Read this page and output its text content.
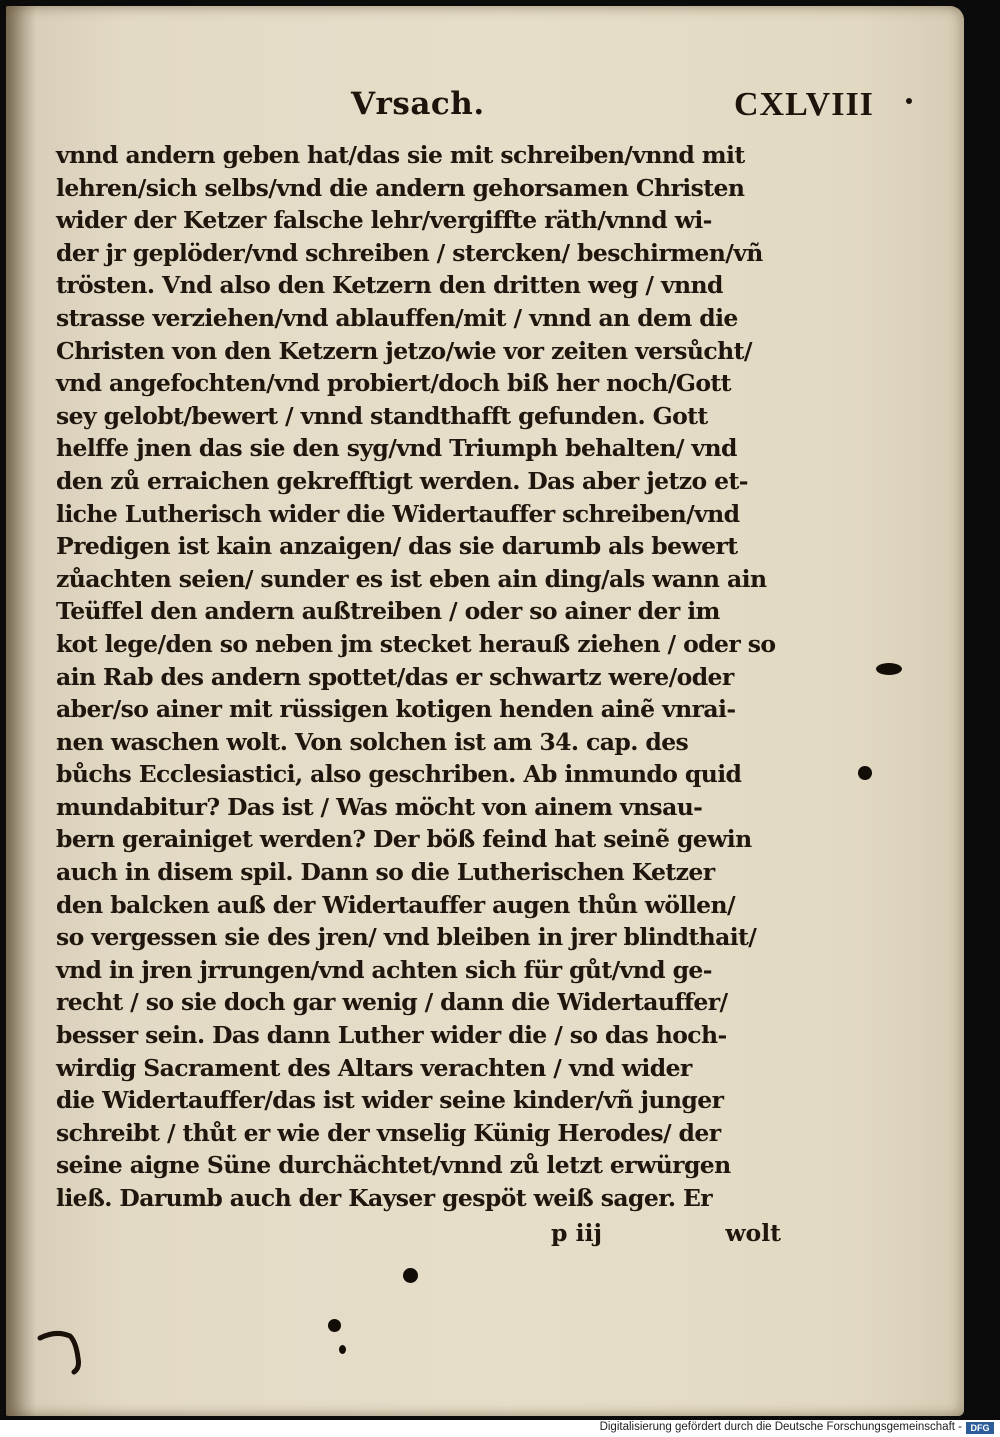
Vrsach.	CXLVIII
vnnd andern geben hat/das sie mit schreiben/vnnd mit
lehren/sich selbs/vnd die andern gehorsamen Christen
wider der Ketzer falsche lehr/vergiffte räth/vnnd wi-
der jr geplöder/vnd schreiben / stercken/ beschirmen/vñ
trösten. Vnd also den Ketzern den dritten weg / vnnd
strasse verziehen/vnd ablauffen/mit / vnnd an dem die
Christen von den Ketzern jetzo/wie vor zeiten versůcht/
vnd angefochten/vnd probiert/doch biß her noch/Gott
sey gelobt/bewert / vnnd standthafft gefunden. Gott
helffe jnen das sie den syg/vnd Triumph behalten/ vnd
den zů erraichen gekrefftigt werden. Das aber jetzo et-
liche Lutherisch wider die Widertauffer schreiben/vnd
Predigen ist kain anzaigen/ das sie darumb als bewert
zůachten seien/ sunder es ist eben ain ding/als wann ain
Teüffel den andern außtreiben / oder so ainer der im
kot lege/den so neben jm stecket herauß ziehen / oder so
ain Rab des andern spottet/das er schwartz were/oder
aber/so ainer mit rüssigen kotigen henden ainẽ vnrai-
nen waschen wolt. Von solchen ist am 34. cap. des
bůchs Ecclesiastici, also geschriben. Ab inmundo quid
mundabitur? Das ist / Was möcht von ainem vnsau-
bern gerainiget werden? Der böß feind hat seinẽ gewin
auch in disem spil. Dann so die Lutherischen Ketzer
den balcken auß der Widertauffer augen thůn wöllen/
so vergessen sie des jren/ vnd bleiben in jrer blindthait/
vnd in jren jrrungen/vnd achten sich für gůt/vnd ge-
recht / so sie doch gar wenig / dann die Widertauffer/
besser sein. Das dann Luther wider die / so das hoch-
wirdig Sacrament des Altars verachten / vnd wider
die Widertauffer/das ist wider seine kinder/vñ junger
schreibt / thůt er wie der vnselig Künig Herodes/ der
seine aigne Süne durchächtet/vnnd zů letzt erwürgen
ließ. Darumb auch der Kayser gespöt weiß sager. Er
p iij	wolt
Digitalisierung gefördert durch die Deutsche Forschungsgemeinschaft - DFG
